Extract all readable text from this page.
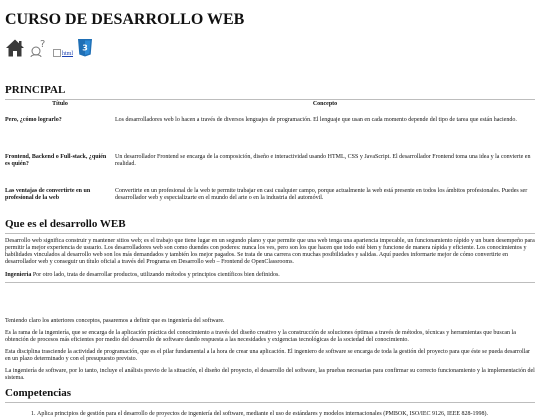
CURSO DE DESARROLLO WEB
?
html
3
PRINCIPAL
Título	Concepto
Pero, ¿cómo lograrlo?	Los desarrolladores web lo hacen a través de diversos lenguajes de programación. El lenguaje que usan en cada momento depende del tipo de tarea que están haciendo.
Frontend, Backend o Full-stack, ¿quién es quién?	Un desarrollador Frontend se encarga de la composición, diseño e interactividad usando HTML, CSS y JavaScript. El desarrollador Frontend toma una idea y la convierte en realidad.
Las ventajas de convertirte en un profesional de la web	Convertirte en un profesional de la web te permite trabajar en casi cualquier campo, porque actualmente la web está presente en todos los ámbitos profesionales. Puedes ser desarrollador web y especializarte en el mundo del arte o en la industria del automóvil.
Que es el desarrollo WEB

Desarrollo web significa construir y mantener sitios web; es el trabajo que tiene lugar en un segundo plano y que permite que una web tenga una apariencia impecable, un funcionamiento rápido y un buen desempeño para permitir la mejor experiencia de usuario. Los desarrolladores web son como duendes con poderes: nunca los ves, pero son los que hacen que todo esté bien y funcione de manera rápida y eficiente. Los conocimientos y habilidades vinculados al desarrollo web son los más demandados y también los mejor pagados. Se trata de una carrera con muchas posibilidades y salidas. Aquí puedes informarte mejor de cómo convertirte en desarrollador web y conseguir un título oficial a través del Programa en Desarrollo web – Frontend de OpenClassrooms.

Ingenieria Por otro lado, trata de desarrollar productos, utilizando métodos y principios científicos bien definidos.

Teniendo claro los anteriores conceptos, pasaremos a definir que es ingeniería del software.

Es la rama de la ingeniería, que se encarga de la aplicación práctica del conocimiento a través del diseño creativo y la construcción de soluciones óptimas a través de métodos, técnicas y herramientas que buscan la obtención de procesos más eficientes por medio del desarrollo de software dando respuesta a las necesidades y exigencias tecnológicas de la sociedad del conocimiento.

Esta disciplina trasciende la actividad de programación, que es el pilar fundamental a la hora de crear una aplicación. El ingeniero de software se encarga de toda la gestión del proyecto para que éste se pueda desarrollar en un plazo determinado y con el presupuesto previsto.

La ingeniería de software, por lo tanto, incluye el análisis previo de la situación, el diseño del proyecto, el desarrollo del software, las pruebas necesarias para confirmar su correcto funcionamiento y la implementación del sistema.

Competencias
1. Aplica principios de gestión para el desarrollo de proyectos de ingeniería del software, mediante el uso de estándares y modelos internacionales (PMBOK, ISO/IEC 9126, IEEE 828-1998).
